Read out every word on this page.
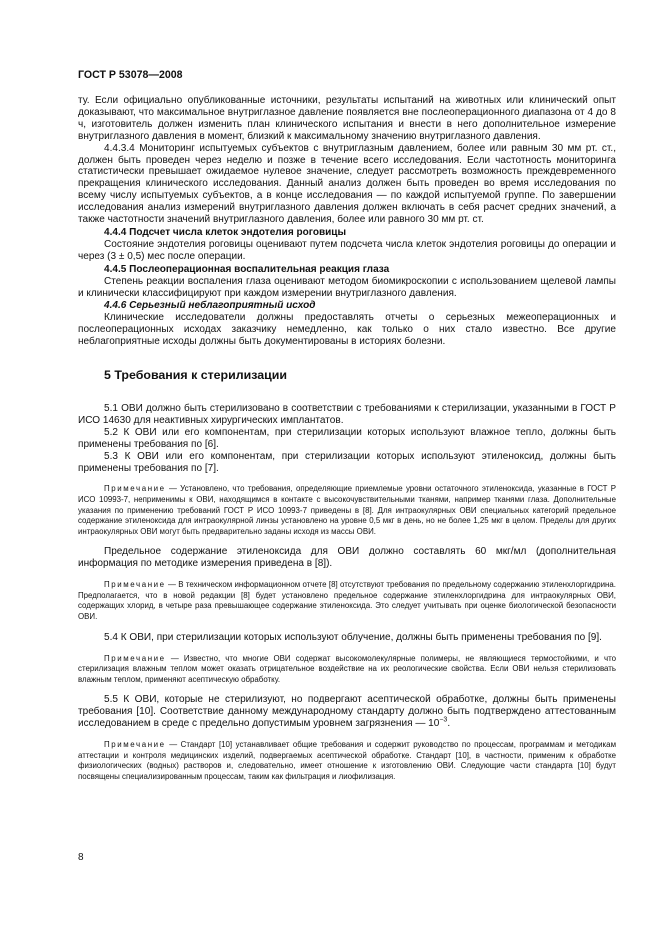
ГОСТ Р 53078—2008

ту. Если официально опубликованные источники, результаты испытаний на животных или клинический опыт доказывают, что максимальное внутриглазное давление появляется вне послеоперационного диапазона от 4 до 8 ч, изготовитель должен изменить план клинического испытания и внести в него дополнительное измерение внутриглазного давления в момент, близкий к максимальному значению внутриглазного давления.

4.4.3.4 Мониторинг испытуемых субъектов с внутриглазным давлением, более или равным 30 мм рт. ст., должен быть проведен через неделю и позже в течение всего исследования. Если частотность мониторинга статистически превышает ожидаемое нулевое значение, следует рассмотреть возможность преждевременного прекращения клинического исследования. Данный анализ должен быть проведен во время исследования по всему числу испытуемых субъектов, а в конце исследования — по каждой испытуемой группе. По завершении исследования анализ измерений внутриглазного давления должен включать в себя расчет средних значений, а также частотности значений внутриглазного давления, более или равного 30 мм рт. ст.

4.4.4 Подсчет числа клеток эндотелия роговицы

Состояние эндотелия роговицы оценивают путем подсчета числа клеток эндотелия роговицы до операции и через (3 ± 0,5) мес после операции.

4.4.5 Послеоперационная воспалительная реакция глаза

Степень реакции воспаления глаза оценивают методом биомикроскопии с использованием щелевой лампы и клинически классифицируют при каждом измерении внутриглазного давления.

4.4.6 Серьезный неблагоприятный исход

Клинические исследователи должны предоставлять отчеты о серьезных межеоперационных и послеоперационных исходах заказчику немедленно, как только о них стало известно. Все другие неблагоприятные исходы должны быть документированы в историях болезни.

5 Требования к стерилизации

5.1 ОВИ должно быть стерилизовано в соответствии с требованиями к стерилизации, указанными в ГОСТ Р ИСО 14630 для неактивных хирургических имплантатов.

5.2 К ОВИ или его компонентам, при стерилизации которых используют влажное тепло, должны быть применены требования по [6].

5.3 К ОВИ или его компонентам, при стерилизации которых используют этиленоксид, должны быть применены требования по [7].

Примечание — Установлено, что требования, определяющие приемлемые уровни остаточного этиленоксида, указанные в ГОСТ Р ИСО 10993-7, неприменимы к ОВИ, находящимся в контакте с высокочувствительными тканями, например тканями глаза. Дополнительные указания по применению требований ГОСТ Р ИСО 10993-7 приведены в [8]. Для интраокулярных ОВИ специальных категорий предельное содержание этиленоксида для интраокулярной линзы установлено на уровне 0,5 мкг в день, но не более 1,25 мкг в целом. Пределы для других интраокулярных ОВИ могут быть предварительно заданы исходя из массы ОВИ.

Предельное содержание этиленоксида для ОВИ должно составлять 60 мкг/мл (дополнительная информация по методике измерения приведена в [8]).

Примечание — В техническом информационном отчете [8] отсутствуют требования по предельному содержанию этиленхлоргидрина. Предполагается, что в новой редакции [8] будет установлено предельное содержание этиленхлоргидрина для интраокулярных ОВИ, содержащих хлорид, в четыре раза превышающее содержание этиленоксида. Это следует учитывать при оценке биологической безопасности ОВИ.

5.4 К ОВИ, при стерилизации которых используют облучение, должны быть применены требования по [9].

Примечание — Известно, что многие ОВИ содержат высокомолекулярные полимеры, не являющиеся термостойкими, и что стерилизация влажным теплом может оказать отрицательное воздействие на их реологические свойства. Если ОВИ нельзя стерилизовать влажным теплом, применяют асептическую обработку.

5.5 К ОВИ, которые не стерилизуют, но подвергают асептической обработке, должны быть применены требования [10]. Соответствие данному международному стандарту должно быть подтверждено аттестованным исследованием в среде с предельно допустимым уровнем загрязнения — $10^{-3}$.

Примечание — Стандарт [10] устанавливает общие требования и содержит руководство по процессам, программам и методикам аттестации и контроля медицинских изделий, подвергаемых асептической обработке. Стандарт [10], в частности, применим к обработке физиологических (водных) растворов и, следовательно, имеет отношение к изготовлению ОВИ. Следующие части стандарта [10] будут посвящены специализированным процессам, таким как фильтрация и лиофилизация.

8
